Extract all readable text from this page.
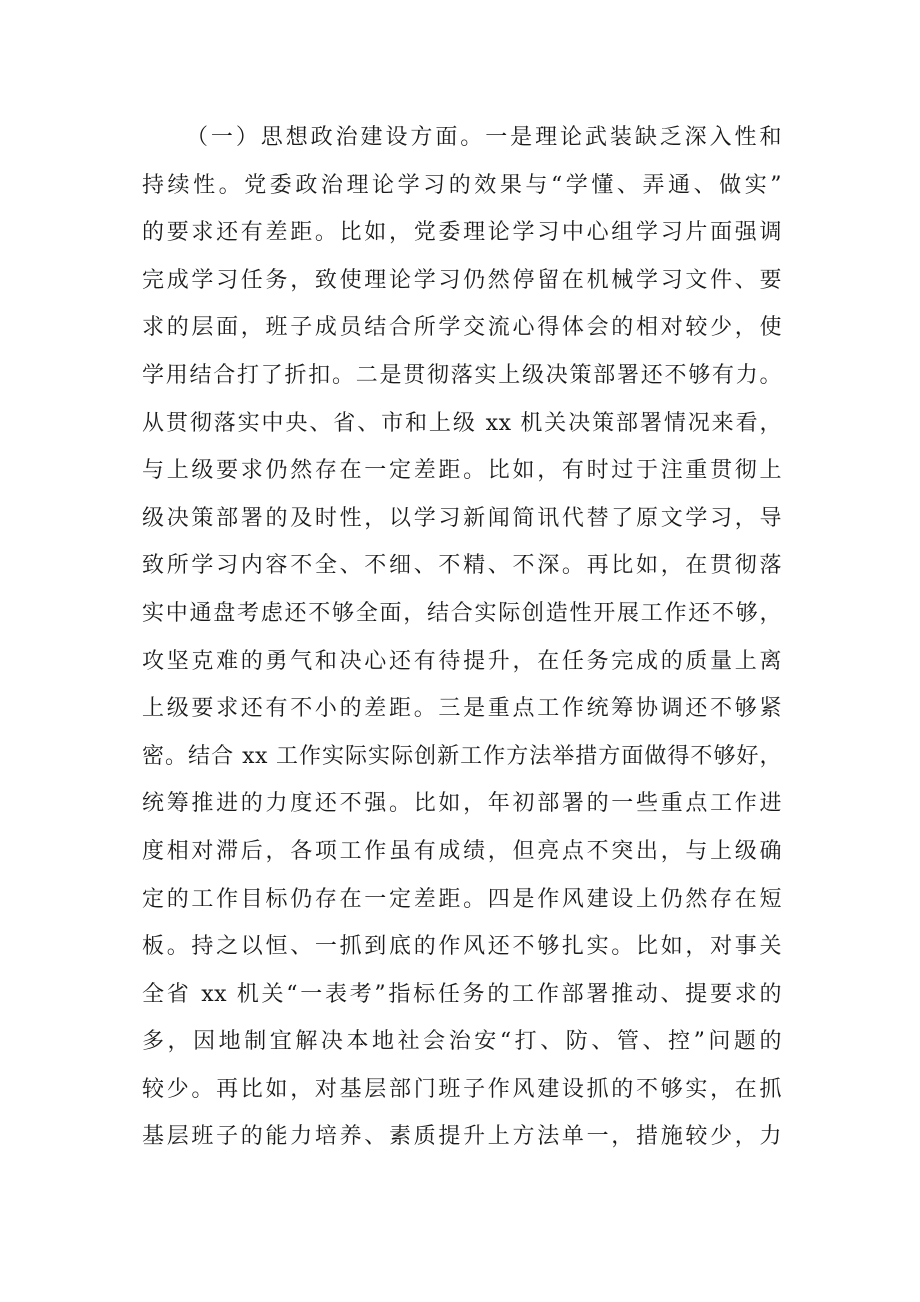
（一）思想政治建设方面。一是理论武装缺乏深入性和
持续性。党委政治理论学习的效果与“学懂、弄通、做实”
的要求还有差距。比如，党委理论学习中心组学习片面强调
完成学习任务，致使理论学习仍然停留在机械学习文件、要
求的层面，班子成员结合所学交流心得体会的相对较少，使
学用结合打了折扣。二是贯彻落实上级决策部署还不够有力。
从贯彻落实中央、省、市和上级 xx 机关决策部署情况来看，
与上级要求仍然存在一定差距。比如，有时过于注重贯彻上
级决策部署的及时性，以学习新闻简讯代替了原文学习，导
致所学习内容不全、不细、不精、不深。再比如，在贯彻落
实中通盘考虑还不够全面，结合实际创造性开展工作还不够，
攻坚克难的勇气和决心还有待提升，在任务完成的质量上离
上级要求还有不小的差距。三是重点工作统筹协调还不够紧
密。结合 xx 工作实际实际创新工作方法举措方面做得不够好，
统筹推进的力度还不强。比如，年初部署的一些重点工作进
度相对滞后，各项工作虽有成绩，但亮点不突出，与上级确
定的工作目标仍存在一定差距。四是作风建设上仍然存在短
板。持之以恒、一抓到底的作风还不够扎实。比如，对事关
全省 xx 机关“一表考”指标任务的工作部署推动、提要求的
多，因地制宜解决本地社会治安“打、防、管、控”问题的
较少。再比如，对基层部门班子作风建设抓的不够实，在抓
基层班子的能力培养、素质提升上方法单一，措施较少，力
